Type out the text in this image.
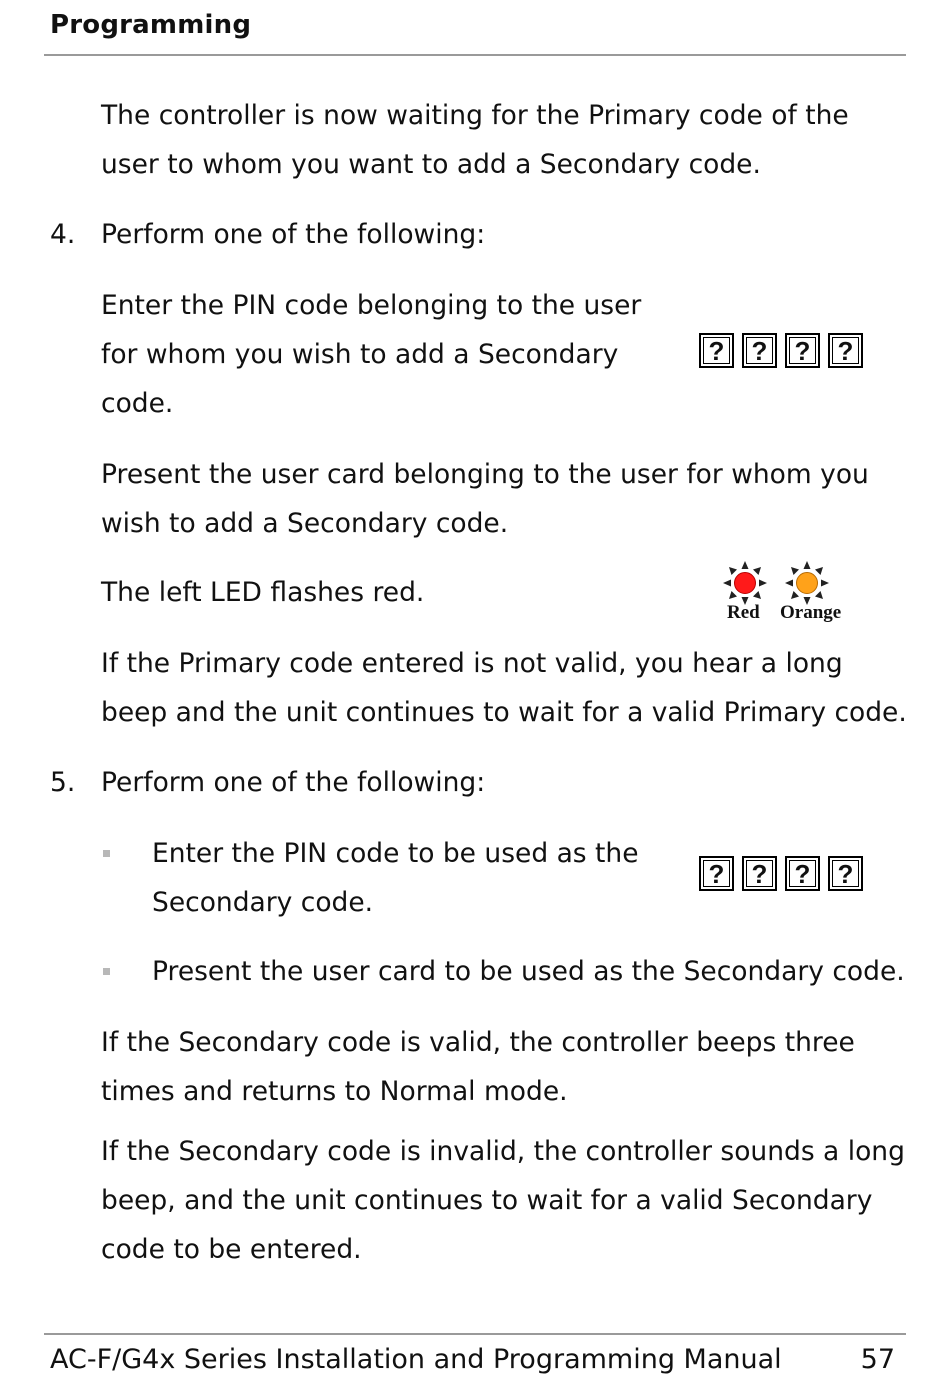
Programming

The controller is now waiting for the Primary code of the

user to whom you want to add a Secondary code.

4. Perform one of the following:

Enter the PIN code belonging to the user

for whom you wish to add a Secondary

code.

?	?	?	?

Present the user card belonging to the user for whom you

wish to add a Secondary code.

The left LED flashes red.

Red Orange

If the Primary code entered is not valid, you hear a long

beep and the unit continues to wait for a valid Primary code.

5. Perform one of the following:

Enter the PIN code to be used as the

Secondary code.

?	?	?	?

Present the user card to be used as the Secondary code.

If the Secondary code is valid, the controller beeps three

times and returns to Normal mode.

If the Secondary code is invalid, the controller sounds a long

beep, and the unit continues to wait for a valid Secondary

code to be entered.

AC-F/G4x Series Installation and Programming Manual	57
